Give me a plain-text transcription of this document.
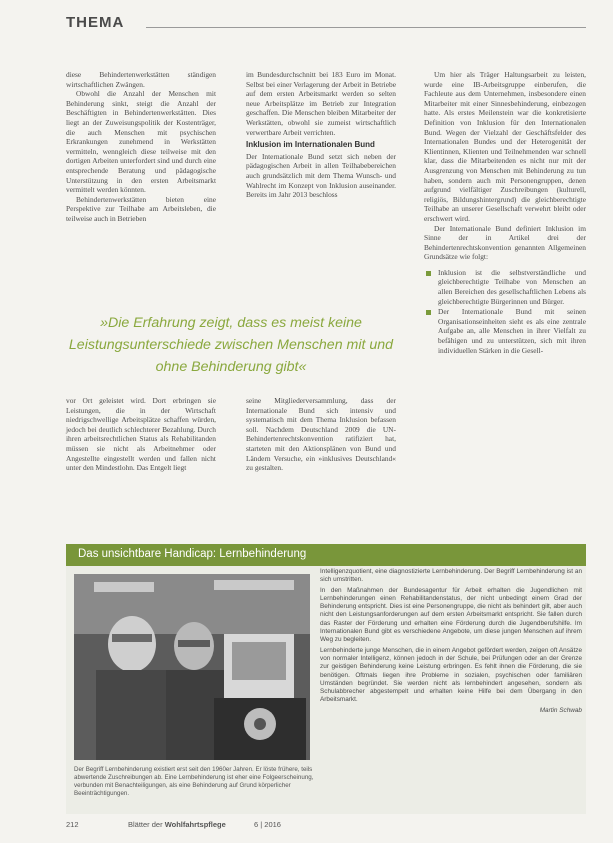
THEMA

diese Behindertenwerkstätten ständigen wirtschaftlichen Zwängen.

Obwohl die Anzahl der Menschen mit Behinderung sinkt, steigt die Anzahl der Beschäftigten in Behindertenwerkstätten. Dies liegt an der Zuweisungspolitik der Kostenträger, die auch Menschen mit psychischen Erkrankungen zunehmend in Werkstätten vermitteln, wenngleich diese teilweise mit den dortigen Arbeiten unterfordert sind und durch eine entsprechende Beratung und pädagogische Unterstützung in den ersten Arbeitsmarkt vermittelt werden könnten.

Behindertenwerkstätten bieten eine Perspektive zur Teilhabe am Arbeitsleben, die teilweise auch in Betrieben

im Bundesdurchschnitt bei 183 Euro im Monat. Selbst bei einer Verlagerung der Arbeit in Betriebe auf dem ersten Arbeitsmarkt werden so selten neue Arbeitsplätze im Betrieb zur Integration geschaffen. Die Menschen bleiben Mitarbeiter der Werkstätten, obwohl sie zumeist wirtschaftlich verwertbare Arbeit verrichten.

Inklusion im Internationalen Bund

Der Internationale Bund setzt sich neben der pädagogischen Arbeit in allen Teilhabebereichen auch grundsätzlich mit dem Thema Wunsch- und Wahlrecht im Konzept von Inklusion auseinander. Bereits im Jahr 2013 beschloss

Um hier als Träger Haltungsarbeit zu leisten, wurde eine IB-Arbeitsgruppe einberufen, die Fachleute aus dem Unternehmen, insbesondere einen Mitarbeiter mit einer Sinnesbehinderung, einbezogen hatte. Als erstes Meilenstein war die konkretisierte Definition von Inklusion für den Internationalen Bund. Wegen der Vielzahl der Geschäftsfelder des Internationalen Bundes und der Heterogenität der Klientinnen, Klienten und Teilnehmenden war schnell klar, dass die Mitarbeitenden es nicht nur mit der Ausgrenzung von Menschen mit Behinderung zu tun haben, sondern auch mit Personengruppen, denen aufgrund vielfältiger Zuschreibungen (kulturell, religiös, Bildungshintergrund) die gleichberechtigte Teilhabe an unserer Gesellschaft verwehrt bleibt oder erschwert wird.

Der Internationale Bund definiert Inklusion im Sinne der in Artikel drei der Behindertenrechtskonvention genannten Allgemeinen Grundsätze wie folgt:

Inklusion ist die selbstverständliche und gleichberechtigte Teilhabe von Menschen an allen Bereichen des gesellschaftlichen Lebens als gleichberechtigte Bürgerinnen und Bürger.
Der Internationale Bund mit seinen Organisationseinheiten sieht es als eine zentrale Aufgabe an, alle Menschen in ihrer Vielfalt zu befähigen und zu unterstützen, sich mit ihren individuellen Stärken in die Gesell-
»Die Erfahrung zeigt, dass es meist keine Leistungsunterschiede zwischen Menschen mit und ohne Behinderung gibt«

vor Ort geleistet wird. Dort erbringen sie Leistungen, die in der Wirtschaft niedrigschwellige Arbeitsplätze schaffen würden, jedoch bei deutlich schlechterer Bezahlung. Durch ihren arbeitsrechtlichen Status als Rehabilitanden müssen sie nicht als Arbeitnehmer oder Angestellte eingestellt werden und fallen nicht unter den Mindestlohn. Das Entgelt liegt

seine Mitgliederversammlung, dass der Internationale Bund sich intensiv und systematisch mit dem Thema Inklusion befassen soll. Nachdem Deutschland 2009 die UN-Behindertenrechtskonvention ratifiziert hat, starteten mit den Aktionsplänen von Bund und Ländern Versuche, ein »inklusives Deutschland« zu gestalten.

Das unsichtbare Handicap: Lernbehinderung
Der Begriff Lernbehinderung existiert erst seit den 1960er Jahren. Er löste frühere, teils abwertende Zuschreibungen ab. Eine Lernbehinderung ist eher eine Folgeerscheinung, verbunden mit Benachteiligungen, als eine Behinderung auf Grund körperlicher Beeinträchtigungen.

Intelligenzquotient, eine diagnostizierte Lernbehinderung. Der Begriff Lernbehinderung ist an sich umstritten.

In den Maßnahmen der Bundesagentur für Arbeit erhalten die Jugendlichen mit Lernbehinderungen einen Rehabilitandenstatus, der nicht unbedingt einem Grad der Behinderung entspricht. Dies ist eine Personengruppe, die nicht als behindert gilt, aber auch nicht den Leistungsanforderungen auf dem ersten Arbeitsmarkt entspricht. Sie fallen durch das Raster der Förderung und erhalten eine Förderung durch die Jugendberufshilfe. Im Internationalen Bund gibt es verschiedene Angebote, um diese jungen Menschen auf ihrem Weg zu begleiten.

Lernbehinderte junge Menschen, die in einem Angebot gefördert werden, zeigen oft Ansätze von normaler Intelligenz, können jedoch in der Schule, bei Prüfungen oder an der Grenze zur geistigen Behinderung keine Leistung erbringen. Es fehlt ihnen die Förderung, die sie benötigen. Oftmals liegen ihre Probleme in sozialen, psychischen oder familiären Umständen begründet. Sie werden nicht als lernbehindert angesehen, sondern als Schulabbrecher abgestempelt und erhalten keine Hilfe bei dem Übergang in den Arbeitsmarkt.

Martin Schwab
212	Blätter der Wohlfahrtspflege	6 | 2016
